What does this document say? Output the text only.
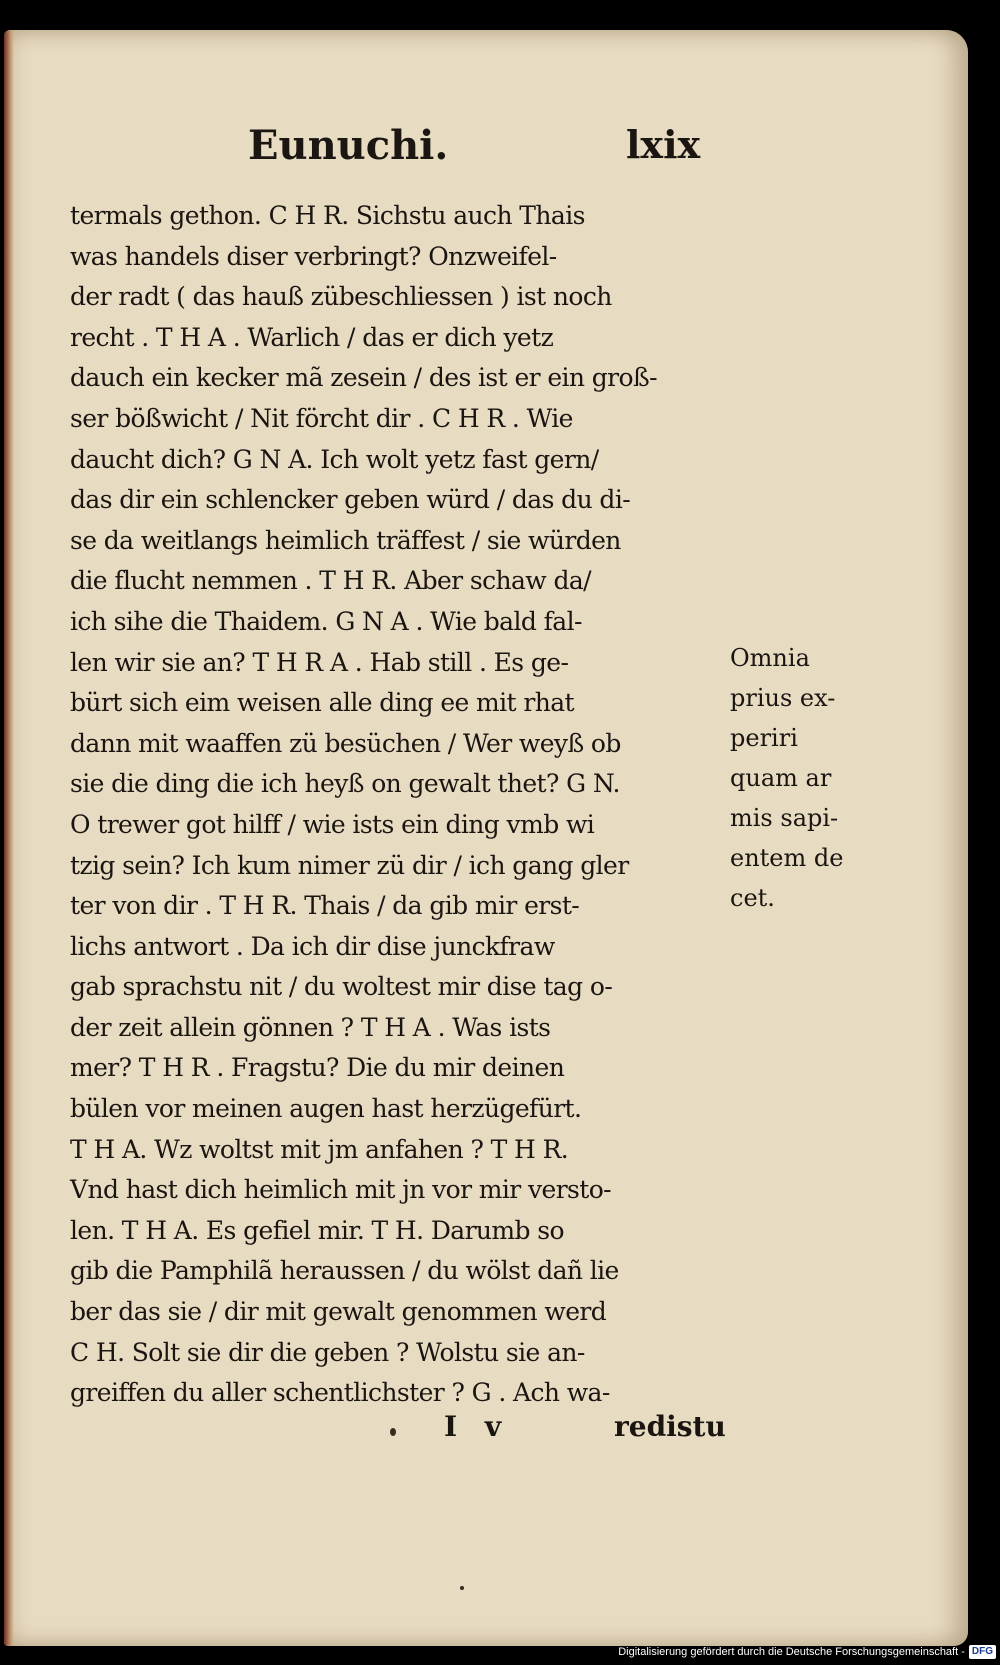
Eunuchi.	lxix
termals gethon. C H R. Sichstu auch Thais
was handels diser verbringt? Onzweifel-
der radt ( das hauß zübeschliessen ) ist noch
recht . T H A . Warlich / das er dich yetz
dauch ein kecker mã zesein / des ist er ein groß-
ser bößwicht / Nit förcht dir . C H R . Wie
daucht dich? G N A. Ich wolt yetz fast gern/
das dir ein schlencker geben würd / das du di-
se da weitlangs heimlich träffest / sie würden
die flucht nemmen . T H R. Aber schaw da/
ich sihe die Thaidem. G N A . Wie bald fal-
len wir sie an? T H R A . Hab still . Es ge-
bürt sich eim weisen alle ding ee mit rhat
dann mit waaffen zü besüchen / Wer weyß ob
sie die ding die ich heyß on gewalt thet? G N.
O trewer got hilff / wie ists ein ding vmb wi
tzig sein? Ich kum nimer zü dir / ich gang gler
ter von dir . T H R. Thais / da gib mir erst-
lichs antwort . Da ich dir dise junckfraw
gab sprachstu nit / du woltest mir dise tag o-
der zeit allein gönnen ? T H A . Was ists
mer? T H R . Fragstu? Die du mir deinen
bülen vor meinen augen hast herzügefürt.
T H A. Wz woltst mit jm anfahen ? T H R.
Vnd hast dich heimlich mit jn vor mir versto-
len. T H A. Es gefiel mir. T H. Darumb so
gib die Pamphilã heraussen / du wölst dañ lie
ber das sie / dir mit gewalt genommen werd
C H. Solt sie dir die geben ? Wolstu sie an-
greiffen du aller schentlichster ? G . Ach wa-
Omnia
prius ex-
periri
quam ar
mis sapi-
entem de
cet.
I v	redistu
Digitalisierung gefördert durch die Deutsche Forschungsgemeinschaft - DFG
